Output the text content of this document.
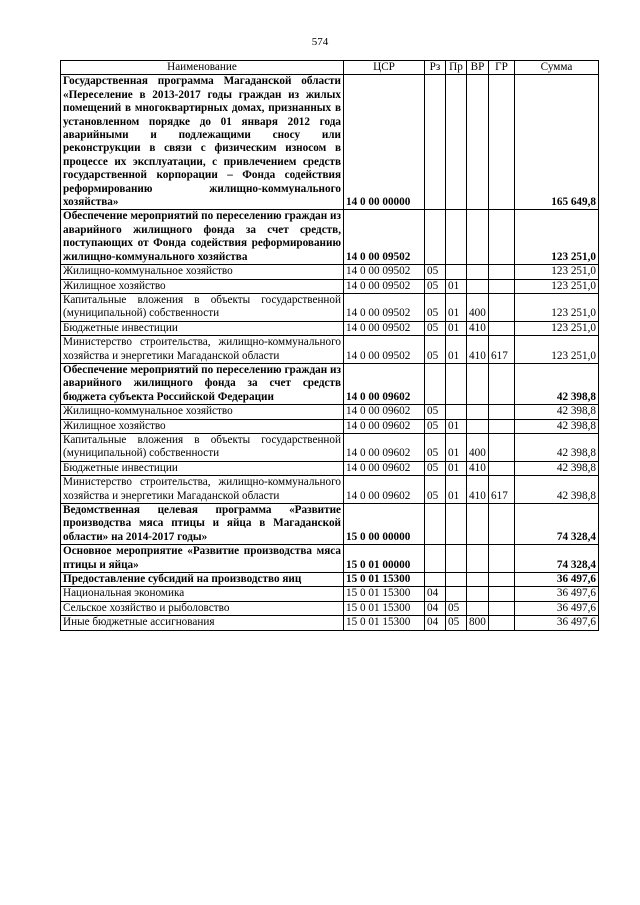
574
Наименование	ЦСР	Рз	Пр	ВР	ГР	Сумма
Государственная программа Магаданской области «Переселение в 2013-2017 годы граждан из жилых помещений в многоквартирных домах, признанных в установленном порядке до 01 января 2012 года аварийными и подлежащими сносу или реконструкции в связи с физическим износом в процессе их эксплуатации, с привлечением средств государственной корпорации – Фонда содействия реформированию жилищно-коммунального хозяйства»	14 0 00 00000					165 649,8
Обеспечение мероприятий по переселению граждан из аварийного жилищного фонда за счет средств, поступающих от Фонда содействия реформированию жилищно-коммунального хозяйства	14 0 00 09502					123 251,0
Жилищно-коммунальное хозяйство	14 0 00 09502	05				123 251,0
Жилищное хозяйство	14 0 00 09502	05	01			123 251,0
Капитальные вложения в объекты государственной (муниципальной) собственности	14 0 00 09502	05	01	400		123 251,0
Бюджетные инвестиции	14 0 00 09502	05	01	410		123 251,0
Министерство строительства, жилищно-коммунального хозяйства и энергетики Магаданской области	14 0 00 09502	05	01	410	617	123 251,0
Обеспечение мероприятий по переселению граждан из аварийного жилищного фонда за счет средств бюджета субъекта Российской Федерации	14 0 00 09602					42 398,8
Жилищно-коммунальное хозяйство	14 0 00 09602	05				42 398,8
Жилищное хозяйство	14 0 00 09602	05	01			42 398,8
Капитальные вложения в объекты государственной (муниципальной) собственности	14 0 00 09602	05	01	400		42 398,8
Бюджетные инвестиции	14 0 00 09602	05	01	410		42 398,8
Министерство строительства, жилищно-коммунального хозяйства и энергетики Магаданской области	14 0 00 09602	05	01	410	617	42 398,8
Ведомственная целевая программа «Развитие производства мяса птицы и яйца в Магаданской области» на 2014-2017 годы»	15 0 00 00000					74 328,4
Основное мероприятие «Развитие производства мяса птицы и яйца»	15 0 01 00000					74 328,4
Предоставление субсидий на производство яиц	15 0 01 15300					36 497,6
Национальная экономика	15 0 01 15300	04				36 497,6
Сельское хозяйство и рыболовство	15 0 01 15300	04	05			36 497,6
Иные бюджетные ассигнования	15 0 01 15300	04	05	800		36 497,6
